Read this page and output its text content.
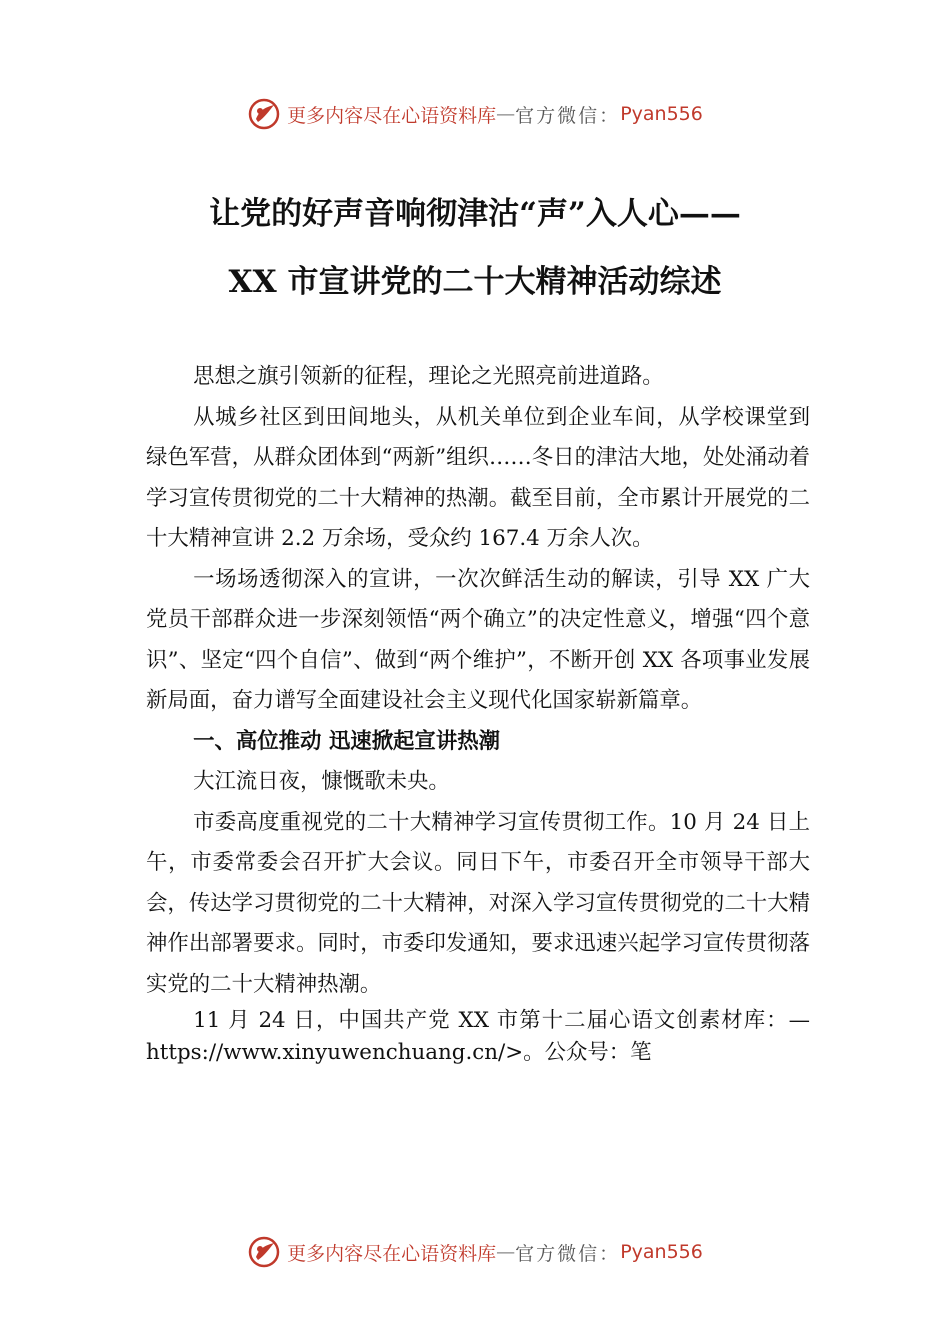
更多内容尽在心语资料库 — 官方微信： Pyan556
让党的好声音响彻津沽“声”入人心——
XX 市宣讲党的二十大精神活动综述

思想之旗引领新的征程，理论之光照亮前进道路。

从城乡社区到田间地头，从机关单位到企业车间，从学校课堂到绿色军营，从群众团体到“两新”组织……冬日的津沽大地，处处涌动着学习宣传贯彻党的二十大精神的热潮。截至目前，全市累计开展党的二十大精神宣讲 2.2 万余场，受众约 167.4 万余人次。

一场场透彻深入的宣讲，一次次鲜活生动的解读，引导 XX 广大党员干部群众进一步深刻领悟“两个确立”的决定性意义，增强“四个意识”、坚定“四个自信”、做到“两个维护”，不断开创 XX 各项事业发展新局面，奋力谱写全面建设社会主义现代化国家崭新篇章。

一、高位推动 迅速掀起宣讲热潮

大江流日夜，慷慨歌未央。

市委高度重视党的二十大精神学习宣传贯彻工作。10 月 24 日上午，市委常委会召开扩大会议。同日下午，市委召开全市领导干部大会，传达学习贯彻党的二十大精神，对深入学习宣传贯彻党的二十大精神作出部署要求。同时，市委印发通知，要求迅速兴起学习宣传贯彻落实党的二十大精神热潮。

11 月 24 日，中国共产党 XX 市第十二届心语文创素材库：—https://www.xinyuwenchuang.cn/>。公众号：笔

更多内容尽在心语资料库 — 官方微信： Pyan556
